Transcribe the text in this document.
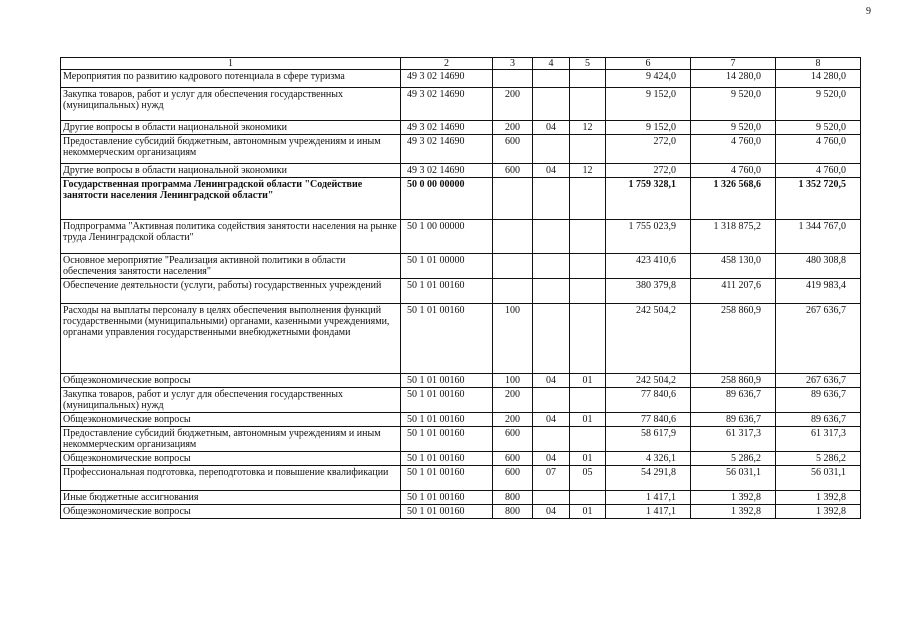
9
1	2	3	4	5	6	7	8
Мероприятия по развитию кадрового потенциала в сфере туризма	49 3 02 14690				9 424,0	14 280,0	14 280,0
Закупка товаров, работ и услуг для обеспечения государственных (муниципальных) нужд	49 3 02 14690	200			9 152,0	9 520,0	9 520,0
Другие вопросы в области национальной экономики	49 3 02 14690	200	04	12	9 152,0	9 520,0	9 520,0
Предоставление субсидий бюджетным, автономным учреждениям и иным некоммерческим организациям	49 3 02 14690	600			272,0	4 760,0	4 760,0
Другие вопросы в области национальной экономики	49 3 02 14690	600	04	12	272,0	4 760,0	4 760,0
Государственная программа Ленинградской области "Содействие занятости населения Ленинградской области"	50 0 00 00000				1 759 328,1	1 326 568,6	1 352 720,5
Подпрограмма "Активная политика содействия занятости населения на рынке труда Ленинградской области"	50 1 00 00000				1 755 023,9	1 318 875,2	1 344 767,0
Основное мероприятие "Реализация активной политики в области обеспечения занятости населения"	50 1 01 00000				423 410,6	458 130,0	480 308,8
Обеспечение деятельности (услуги, работы) государственных учреждений	50 1 01 00160				380 379,8	411 207,6	419 983,4
Расходы на выплаты персоналу в целях обеспечения выполнения функций государственными (муниципальными) органами, казенными учреждениями, органами управления государственными внебюджетными фондами	50 1 01 00160	100			242 504,2	258 860,9	267 636,7
Общеэкономические вопросы	50 1 01 00160	100	04	01	242 504,2	258 860,9	267 636,7
Закупка товаров, работ и услуг для обеспечения государственных (муниципальных) нужд	50 1 01 00160	200			77 840,6	89 636,7	89 636,7
Общеэкономические вопросы	50 1 01 00160	200	04	01	77 840,6	89 636,7	89 636,7
Предоставление субсидий бюджетным, автономным учреждениям и иным некоммерческим организациям	50 1 01 00160	600			58 617,9	61 317,3	61 317,3
Общеэкономические вопросы	50 1 01 00160	600	04	01	4 326,1	5 286,2	5 286,2
Профессиональная подготовка, переподготовка и повышение квалификации	50 1 01 00160	600	07	05	54 291,8	56 031,1	56 031,1
Иные бюджетные ассигнования	50 1 01 00160	800			1 417,1	1 392,8	1 392,8
Общеэкономические вопросы	50 1 01 00160	800	04	01	1 417,1	1 392,8	1 392,8
